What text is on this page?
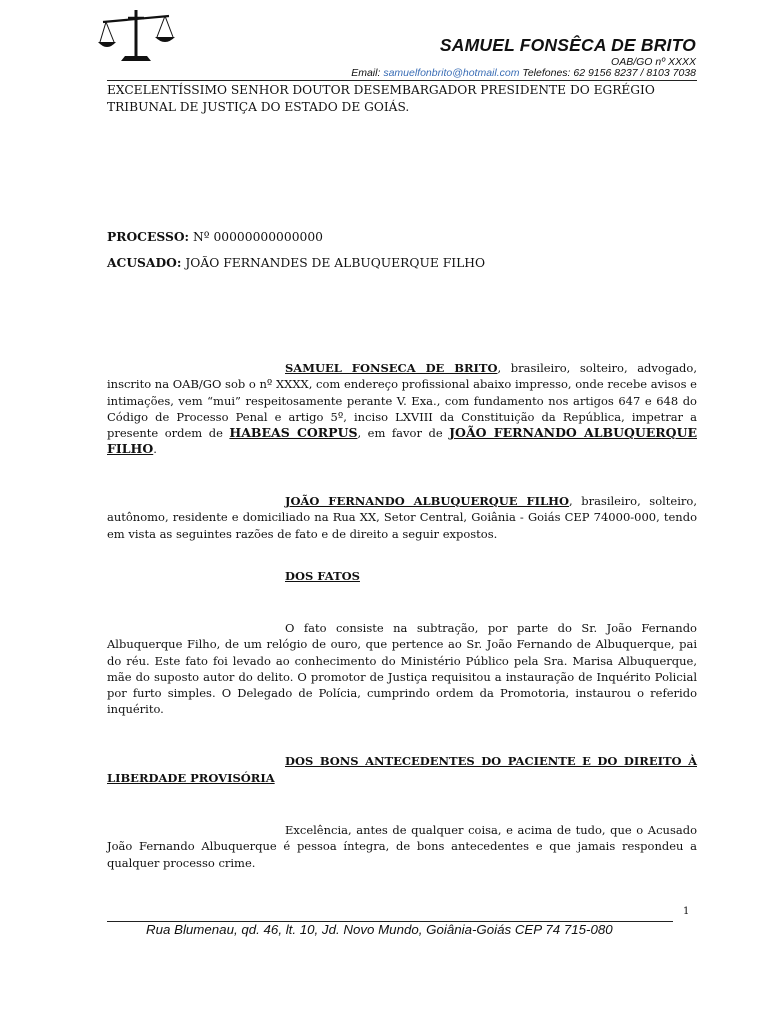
SAMUEL FONSÊCA DE BRITO
OAB/GO nº XXXX
Email: samuelfonbrito@hotmail.com Telefones: 62 9156 8237 / 8103 7038
EXCELENTÍSSIMO SENHOR DOUTOR DESEMBARGADOR PRESIDENTE DO EGRÉGIO TRIBUNAL DE JUSTIÇA DO ESTADO DE GOIÁS.
PROCESSO: Nº 00000000000000
ACUSADO: JOÃO FERNANDES DE ALBUQUERQUE FILHO
SAMUEL FONSECA DE BRITO, brasileiro, solteiro, advogado, inscrito na OAB/GO sob o nº XXXX, com endereço profissional abaixo impresso, onde recebe avisos e intimações, vem “mui” respeitosamente perante V. Exa., com fundamento nos artigos 647 e 648 do Código de Processo Penal e artigo 5º, inciso LXVIII da Constituição da República, impetrar a presente ordem de HABEAS CORPUS, em favor de JOÃO FERNANDO ALBUQUERQUE FILHO.
JOÃO FERNANDO ALBUQUERQUE FILHO, brasileiro, solteiro, autônomo, residente e domiciliado na Rua XX, Setor Central, Goiânia - Goiás CEP 74000-000, tendo em vista as seguintes razões de fato e de direito a seguir expostos.
DOS FATOS
O fato consiste na subtração, por parte do Sr. João Fernando Albuquerque Filho, de um relógio de ouro, que pertence ao Sr. João Fernando de Albuquerque, pai do réu. Este fato foi levado ao conhecimento do Ministério Público pela Sra. Marisa Albuquerque, mãe do suposto autor do delito. O promotor de Justiça requisitou a instauração de Inquérito Policial por furto simples. O Delegado de Polícia, cumprindo ordem da Promotoria, instaurou o referido inquérito.
DOS BONS ANTECEDENTES DO PACIENTE E DO DIREITO À LIBERDADE PROVISÓRIA
Excelência, antes de qualquer coisa, e acima de tudo, que o Acusado João Fernando Albuquerque é pessoa íntegra, de bons antecedentes e que jamais respondeu a qualquer processo crime.
1
Rua Blumenau, qd. 46, lt. 10, Jd. Novo Mundo, Goiânia-Goiás CEP 74 715-080
